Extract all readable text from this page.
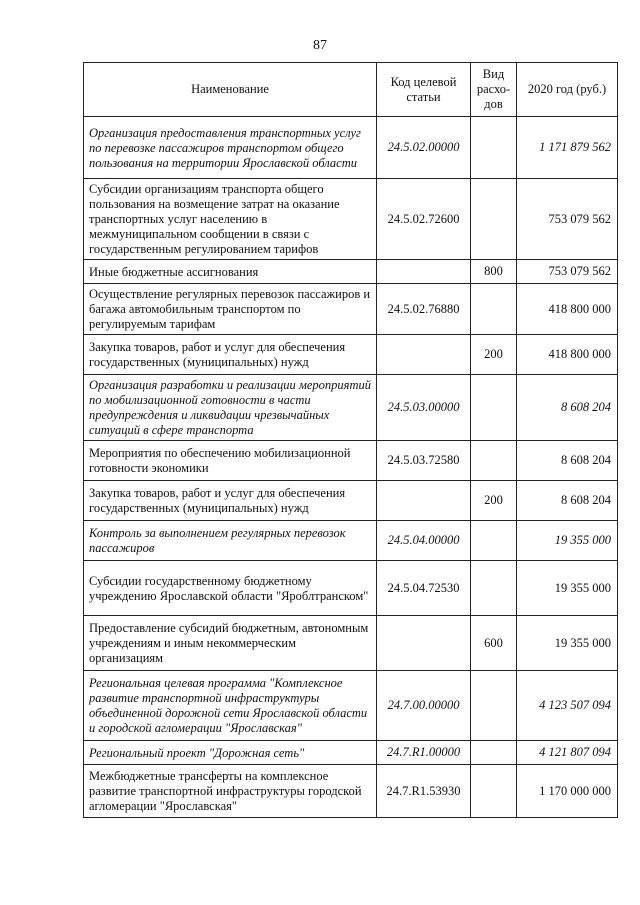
87
Наименование	Код целевой статьи	Вид расхо-дов	2020 год (руб.)
Организация предоставления транспортных услуг по перевозке пассажиров транспортом общего пользования на территории Ярославской области	24.5.02.00000		1 171 879 562
Субсидии организациям транспорта общего пользования на возмещение затрат на оказание транспортных услуг населению в межмуниципальном сообщении в связи с государственным регулированием тарифов	24.5.02.72600		753 079 562
Иные бюджетные ассигнования		800	753 079 562
Осуществление регулярных перевозок пассажиров и багажа автомобильным транспортом по регулируемым тарифам	24.5.02.76880		418 800 000
Закупка товаров, работ и услуг для обеспечения государственных (муниципальных) нужд		200	418 800 000
Организация разработки и реализации мероприятий по мобилизационной готовности в части предупреждения и ликвидации чрезвычайных ситуаций в сфере транспорта	24.5.03.00000		8 608 204
Мероприятия по обеспечению мобилизационной готовности экономики	24.5.03.72580		8 608 204
Закупка товаров, работ и услуг для обеспечения государственных (муниципальных) нужд		200	8 608 204
Контроль за выполнением регулярных перевозок пассажиров	24.5.04.00000		19 355 000
Субсидии государственному бюджетному учреждению Ярославской области "Яроблтранском"	24.5.04.72530		19 355 000
Предоставление субсидий бюджетным, автономным учреждениям и иным некоммерческим организациям		600	19 355 000
Региональная целевая программа "Комплексное развитие транспортной инфраструктуры объединенной дорожной сети Ярославской области и городской агломерации "Ярославская"	24.7.00.00000		4 123 507 094
Региональный проект "Дорожная сеть"	24.7.R1.00000		4 121 807 094
Межбюджетные трансферты на комплексное развитие транспортной инфраструктуры городской агломерации "Ярославская"	24.7.R1.53930		1 170 000 000
